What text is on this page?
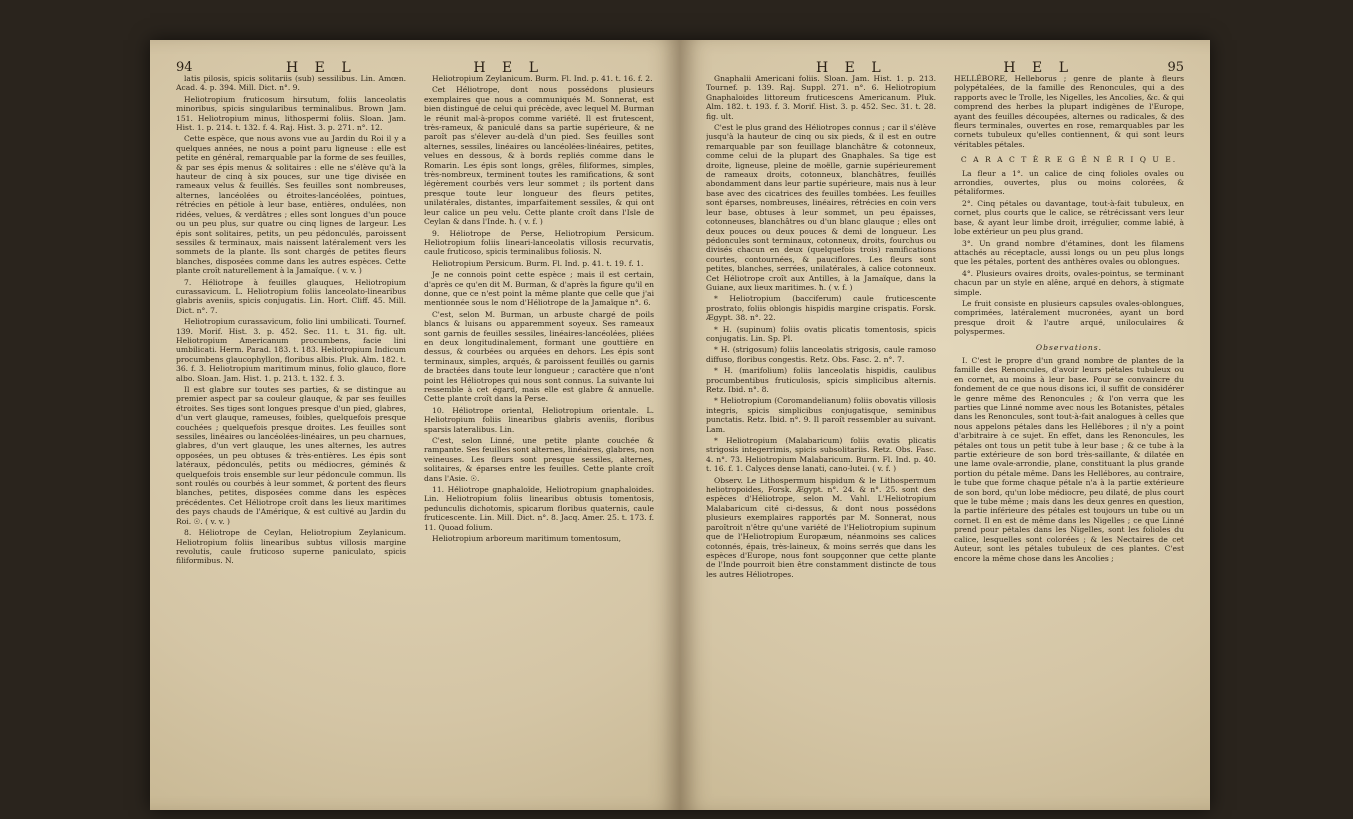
94	H E L	H E L

latis pilosis, spicis solitariis (sub) sessilibus. Lin. Amœn. Acad. 4. p. 394. Mill. Dict. n°. 9.

Heliotropium fruticosum hirsutum, foliis lanceolatis minoribus, spicis singularibus terminalibus. Brown Jam. 151. Heliotropium minus, lithospermi foliis. Sloan. Jam. Hist. 1. p. 214. t. 132. f. 4. Raj. Hist. 3. p. 271. n°. 12.

Cette espèce, que nous avons vue au Jardin du Roi il y a quelques années, ne nous a point paru ligneuse : elle est petite en général, remarquable par la forme de ses feuilles, & par ses épis menus & solitaires : elle ne s'élève qu'à la hauteur de cinq à six pouces, sur une tige divisée en rameaux velus & feuillés. Ses feuilles sont nombreuses, alternes, lancéolées ou étroites-lancéolées, pointues, rétrécies en pétiole à leur base, entières, ondulées, non ridées, velues, & verdâtres ; elles sont longues d'un pouce ou un peu plus, sur quatre ou cinq lignes de largeur. Les épis sont solitaires, petits, un peu pédonculés, paroissent sessiles & terminaux, mais naissent latéralement vers les sommets de la plante. Ils sont chargés de petites fleurs blanches, disposées comme dans les autres espèces. Cette plante croît naturellement à la Jamaïque. ( v. v. )

7. Héliotrope à feuilles glauques, Heliotropium curassavicum. L. Heliotropium foliis lanceolato-linearibus glabris aveniis, spicis conjugatis. Lin. Hort. Cliff. 45. Mill. Dict. n°. 7.

Heliotropium curassavicum, folio lini umbilicati. Tournef. 139. Morif. Hist. 3. p. 452. Sec. 11. t. 31. fig. ult. Heliotropium Americanum procumbens, facie lini umbilicati. Herm. Parad. 183. t. 183. Heliotropium Indicum procumbens glaucophyllon, floribus albis. Pluk. Alm. 182. t. 36. f. 3. Heliotropium maritimum minus, folio glauco, flore albo. Sloan. Jam. Hist. 1. p. 213. t. 132. f. 3.

Il est glabre sur toutes ses parties, & se distingue au premier aspect par sa couleur glauque, & par ses feuilles étroites. Ses tiges sont longues presque d'un pied, glabres, d'un vert glauque, rameuses, foibles, quelquefois presque couchées ; quelquefois presque droites. Les feuilles sont sessiles, linéaires ou lancéolées-linéaires, un peu charnues, glabres, d'un vert glauque, les unes alternes, les autres opposées, un peu obtuses & très-entières. Les épis sont latéraux, pédonculés, petits ou médiocres, géminés & quelquefois trois ensemble sur leur pédoncule commun. Ils sont roulés ou courbés à leur sommet, & portent des fleurs blanches, petites, disposées comme dans les espèces précédentes. Cet Héliotrope croît dans les lieux maritimes des pays chauds de l'Amérique, & est cultivé au Jardin du Roi. ☉. ( v. v. )

8. Héliotrope de Ceylan, Heliotropium Zeylanicum. Heliotropium foliis linearibus subtus villosis margine revolutis, caule fruticoso superne paniculato, spicis filiformibus. N.

Heliotropium Zeylanicum. Burm. Fl. Ind. p. 41. t. 16. f. 2.

Cet Héliotrope, dont nous possédons plusieurs exemplaires que nous a communiqués M. Sonnerat, est bien distingué de celui qui précède, avec lequel M. Burman le réunit mal-à-propos comme variété. Il est frutescent, très-rameux, & paniculé dans sa partie supérieure, & ne paroît pas s'élever au-delà d'un pied. Ses feuilles sont alternes, sessiles, linéaires ou lancéolées-linéaires, petites, velues en dessous, & à bords repliés comme dans le Romarin. Les épis sont longs, grêles, filiformes, simples, très-nombreux, terminent toutes les ramifications, & sont légèrement courbés vers leur sommet ; ils portent dans presque toute leur longueur des fleurs petites, unilatérales, distantes, imparfaitement sessiles, & qui ont leur calice un peu velu. Cette plante croît dans l'Isle de Ceylan & dans l'Inde. ħ. ( v. f. )

9. Héliotrope de Perse, Heliotropium Persicum. Heliotropium foliis lineari-lanceolatis villosis recurvatis, caule fruticoso, spicis terminalibus foliosis. N.

Heliotropium Persicum. Burm. Fl. Ind. p. 41. t. 19. f. 1.

Je ne connois point cette espèce ; mais il est certain, d'après ce qu'en dit M. Burman, & d'après la figure qu'il en donne, que ce n'est point la même plante que celle que j'ai mentionnée sous le nom d'Héliotrope de la Jamaïque n°. 6.

C'est, selon M. Burman, un arbuste chargé de poils blancs & luisans ou apparemment soyeux. Ses rameaux sont garnis de feuilles sessiles, linéaires-lancéolées, pliées en deux longitudinalement, formant une gouttière en dessus, & courbées ou arquées en dehors. Les épis sont terminaux, simples, arqués, & paroissent feuillés ou garnis de bractées dans toute leur longueur ; caractère que n'ont point les Héliotropes qui nous sont connus. La suivante lui ressemble à cet égard, mais elle est glabre & annuelle. Cette plante croît dans la Perse.

10. Héliotrope oriental, Heliotropium orientale. L. Heliotropium foliis linearibus glabris aveniis, floribus sparsis lateralibus. Lin.

C'est, selon Linné, une petite plante couchée & rampante. Ses feuilles sont alternes, linéaires, glabres, non veineuses. Les fleurs sont presque sessiles, alternes, solitaires, & éparses entre les feuilles. Cette plante croît dans l'Asie. ☉.

11. Héliotrope gnaphaloïde, Heliotropium gnaphaloides. Lin. Heliotropium foliis linearibus obtusis tomentosis, pedunculis dichotomis, spicarum floribus quaternis, caule fruticescente. Lin. Mill. Dict. n°. 8. Jacq. Amer. 25. t. 173. f. 11. Quoad folium.

Heliotropium arboreum maritimum tomentosum,

H E L	H E L	95

Gnaphalii Americani foliis. Sloan. Jam. Hist. 1. p. 213. Tournef. p. 139. Raj. Suppl. 271. n°. 6. Heliotropium Gnaphaloides littoreum fruticescens Americanum. Pluk. Alm. 182. t. 193. f. 3. Morif. Hist. 3. p. 452. Sec. 31. t. 28. fig. ult.

C'est le plus grand des Héliotropes connus ; car il s'élève jusqu'à la hauteur de cinq ou six pieds, & il est en outre remarquable par son feuillage blanchâtre & cotonneux, comme celui de la plupart des Gnaphales. Sa tige est droite, ligneuse, pleine de moëlle, garnie supérieurement de rameaux droits, cotonneux, blanchâtres, feuillés abondamment dans leur partie supérieure, mais nus à leur base avec des cicatrices des feuilles tombées. Les feuilles sont éparses, nombreuses, linéaires, rétrécies en coin vers leur base, obtuses à leur sommet, un peu épaisses, cotonneuses, blanchâtres ou d'un blanc glauque ; elles ont deux pouces ou deux pouces & demi de longueur. Les pédoncules sont terminaux, cotonneux, droits, fourchus ou divisés chacun en deux (quelquefois trois) ramifications courtes, contournées, & pauciflores. Les fleurs sont petites, blanches, serrées, unilatérales, à calice cotonneux. Cet Héliotrope croît aux Antilles, à la Jamaïque, dans la Guiane, aux lieux maritimes. ħ. ( v. f. )

* Heliotropium (bacciferum) caule fruticescente prostrato, foliis oblongis hispidis margine crispatis. Forsk. Ægypt. 38. n°. 22.

* H. (supinum) foliis ovatis plicatis tomentosis, spicis conjugatis. Lin. Sp. Pl.

* H. (strigosum) foliis lanceolatis strigosis, caule ramoso diffuso, floribus congestis. Retz. Obs. Fasc. 2. n°. 7.

* H. (marifolium) foliis lanceolatis hispidis, caulibus procumbentibus fruticulosis, spicis simplicibus alternis. Retz. Ibid. n°. 8.

* Heliotropium (Coromandelianum) foliis obovatis villosis integris, spicis simplicibus conjugatisque, seminibus punctatis. Retz. Ibid. n°. 9. Il paroît ressembler au suivant. Lam.

* Heliotropium (Malabaricum) foliis ovatis plicatis strigosis integerrimis, spicis subsolitariis. Retz. Obs. Fasc. 4. n°. 73. Heliotropium Malabaricum. Burm. Fl. Ind. p. 40. t. 16. f. 1. Calyces dense lanati, cano-lutei. ( v. f. )

Observ. Le Lithospermum hispidum & le Lithospermum heliotropoides, Forsk. Ægypt. n°. 24. & n°. 25. sont des espèces d'Héliotrope, selon M. Vahl. L'Heliotropium Malabaricum cité ci-dessus, & dont nous possédons plusieurs exemplaires rapportés par M. Sonnerat, nous paroîtroit n'être qu'une variété de l'Heliotropium supinum que de l'Heliotropium Europæum, néanmoins ses calices cotonnés, épais, très-laineux, & moins serrés que dans les espèces d'Europe, nous font soupçonner que cette plante de l'Inde pourroit bien être constamment distincte de tous les autres Héliotropes.

HELLÉBORE, Helleborus ; genre de plante à fleurs polypétalées, de la famille des Renoncules, qui a des rapports avec le Trolle, les Nigelles, les Ancolies, &c. & qui comprend des herbes la plupart indigènes de l'Europe, ayant des feuilles découpées, alternes ou radicales, & des fleurs terminales, ouvertes en rose, remarquables par les cornets tubuleux qu'elles contiennent, & qui sont leurs véritables pétales.

C A R A C T È R E G É N É R I Q U E.

La fleur a 1°. un calice de cinq folioles ovales ou arrondies, ouvertes, plus ou moins colorées, & pétaliformes.

2°. Cinq pétales ou davantage, tout-à-fait tubuleux, en cornet, plus courts que le calice, se rétrécissant vers leur base, & ayant leur limbe droit, irrégulier, comme labié, à lobe extérieur un peu plus grand.

3°. Un grand nombre d'étamines, dont les filamens attachés au réceptacle, aussi longs ou un peu plus longs que les pétales, portent des anthères ovales ou oblongues.

4°. Plusieurs ovaires droits, ovales-pointus, se terminant chacun par un style en alêne, arqué en dehors, à stigmate simple.

Le fruit consiste en plusieurs capsules ovales-oblongues, comprimées, latéralement mucronées, ayant un bord presque droit & l'autre arqué, uniloculaires & polyspermes.

Observations.

I. C'est le propre d'un grand nombre de plantes de la famille des Renoncules, d'avoir leurs pétales tubuleux ou en cornet, au moins à leur base. Pour se convaincre du fondement de ce que nous disons ici, il suffit de considérer le genre même des Renoncules ; & l'on verra que les parties que Linné nomme avec nous les Botanistes, pétales dans les Renoncules, sont tout-à-fait analogues à celles que nous appelons pétales dans les Hellébores ; il n'y a point d'arbitraire à ce sujet. En effet, dans les Renoncules, les pétales ont tous un petit tube à leur base ; & ce tube à la partie extérieure de son bord très-saillante, & dilatée en une lame ovale-arrondie, plane, constituant la plus grande portion du pétale même. Dans les Hellébores, au contraire, le tube que forme chaque pétale n'a à la partie extérieure de son bord, qu'un lobe médiocre, peu dilaté, de plus court que le tube même ; mais dans les deux genres en question, la partie inférieure des pétales est toujours un tube ou un cornet. Il en est de même dans les Nigelles ; ce que Linné prend pour pétales dans les Nigelles, sont les folioles du calice, lesquelles sont colorées ; & les Nectaires de cet Auteur, sont les pétales tubuleux de ces plantes. C'est encore la même chose dans les Ancolies ;
